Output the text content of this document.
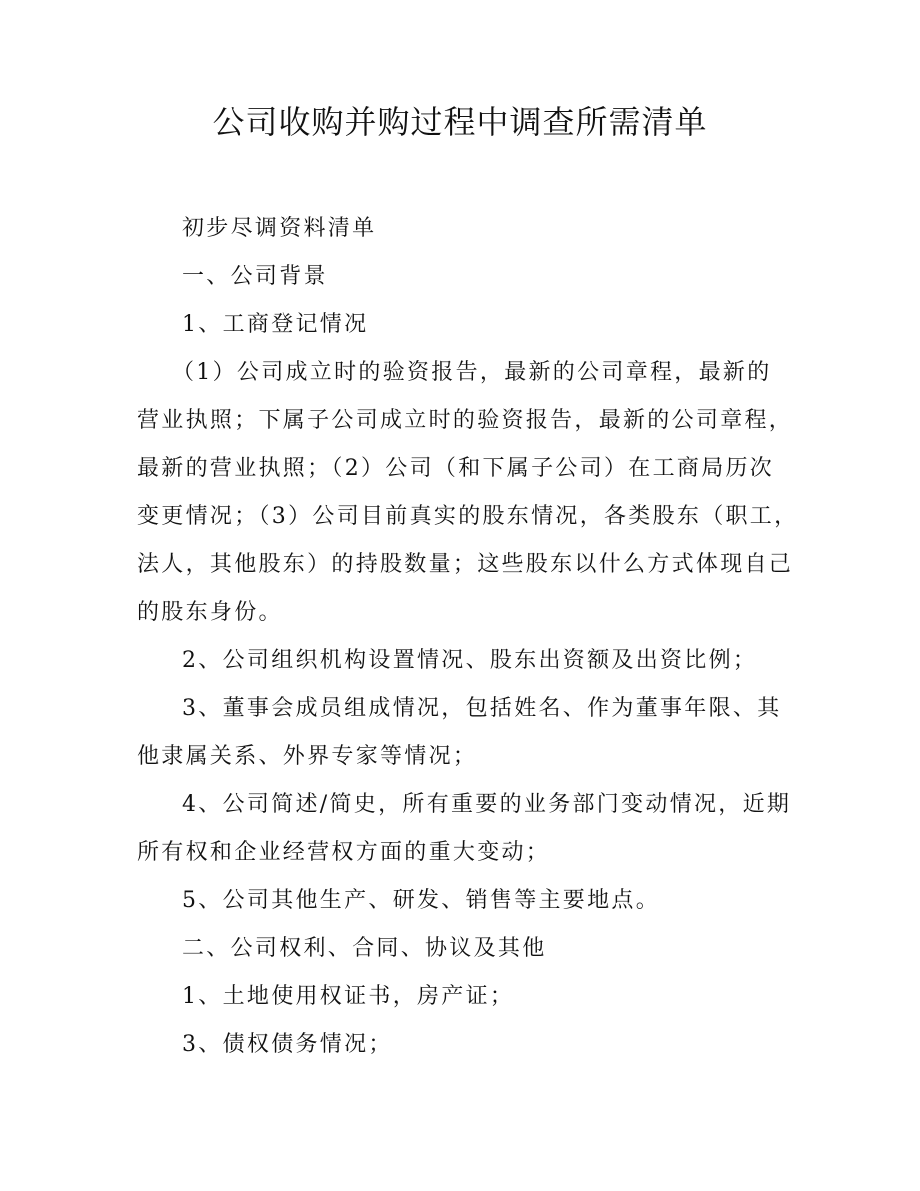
公司收购并购过程中调查所需清单

初步尽调资料清单

一、公司背景

1、工商登记情况

（1）公司成立时的验资报告，最新的公司章程，最新的
营业执照；下属子公司成立时的验资报告，最新的公司章程，
最新的营业执照；（2）公司（和下属子公司）在工商局历次
变更情况；（3）公司目前真实的股东情况，各类股东（职工，
法人，其他股东）的持股数量；这些股东以什么方式体现自己
的股东身份。

2、公司组织机构设置情况、股东出资额及出资比例；

3、董事会成员组成情况，包括姓名、作为董事年限、其
他隶属关系、外界专家等情况；
4、公司简述/简史，所有重要的业务部门变动情况，近期
所有权和企业经营权方面的重大变动；

5、公司其他生产、研发、销售等主要地点。

二、公司权利、合同、协议及其他

1、土地使用权证书，房产证；

3、债权债务情况；
